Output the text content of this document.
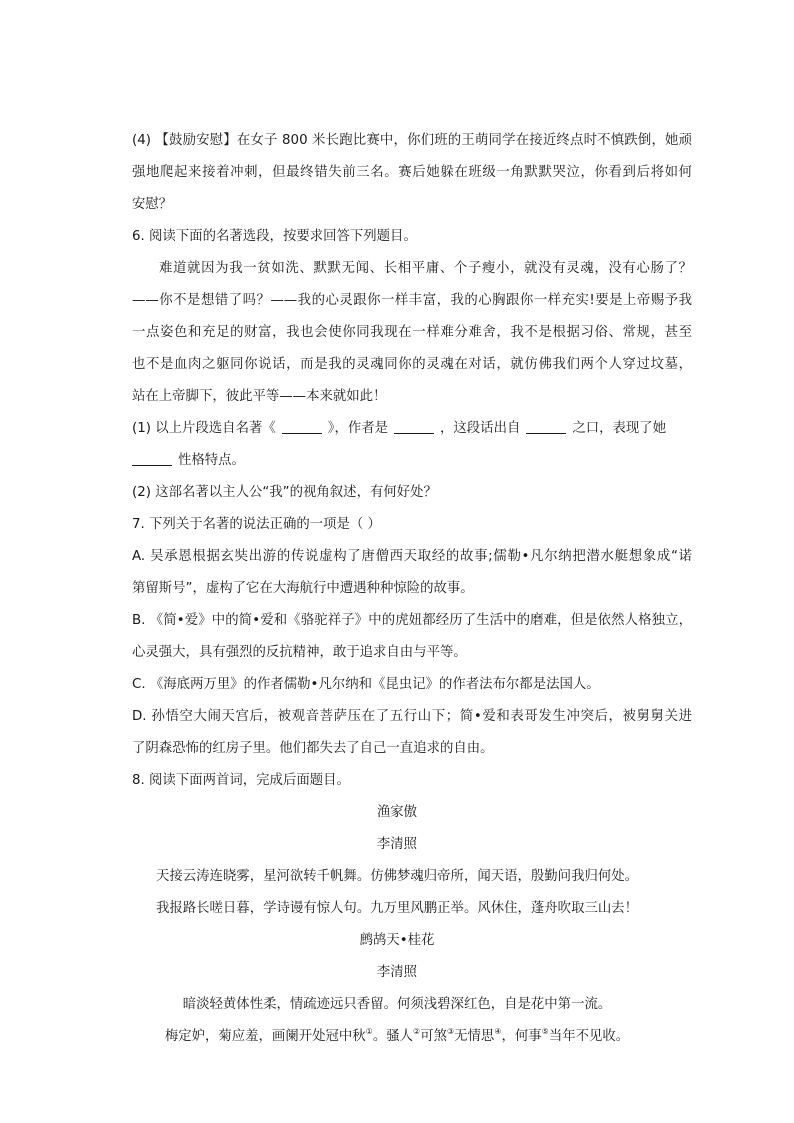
(4) 【鼓励安慰】在女子 800 米长跑比赛中，你们班的王萌同学在接近终点时不慎跌倒，她顽
强地爬起来接着冲刺，但最终错失前三名。赛后她躲在班级一角默默哭泣，你看到后将如何
安慰？
6. 阅读下面的名著选段，按要求回答下列题目。
难道就因为我一贫如洗、默默无闻、长相平庸、个子瘦小，就没有灵魂，没有心肠了？
——你不是想错了吗？——我的心灵跟你一样丰富，我的心胸跟你一样充实!要是上帝赐予我
一点姿色和充足的财富，我也会使你同我现在一样难分难舍，我不是根据习俗、常规，甚至
也不是血肉之躯同你说话，而是我的灵魂同你的灵魂在对话，就仿佛我们两个人穿过坟墓，
站在上帝脚下，彼此平等——本来就如此！
(1) 以上片段选自名著《	》，作者是	，这段话出自	之口，表现了她
性格特点。
(2) 这部名著以主人公“我”的视角叙述，有何好处？
7. 下列关于名著的说法正确的一项是（ ）
A. 吴承恩根据玄奘出游的传说虚构了唐僧西天取经的故事;儒勒•凡尔纳把潜水艇想象成“诺
第留斯号”，虚构了它在大海航行中遭遇种种惊险的故事。
B. 《简•爱》中的简•爱和《骆驼祥子》中的虎妞都经历了生活中的磨难，但是依然人格独立，
心灵强大，具有强烈的反抗精神，敢于追求自由与平等。
C. 《海底两万里》的作者儒勒•凡尔纳和《昆虫记》的作者法布尔都是法国人。
D. 孙悟空大闹天宫后，被观音菩萨压在了五行山下；简•爱和表哥发生冲突后，被舅舅关进
了阴森恐怖的红房子里。他们都失去了自己一直追求的自由。
8. 阅读下面两首词，完成后面题目。
渔家傲
李清照
天接云涛连晓雾，星河欲转千帆舞。仿佛梦魂归帝所，闻天语，殷勤问我归何处。
我报路长嗟日暮，学诗谩有惊人句。九万里风鹏正举。风休住，蓬舟吹取三山去！
鹧鸪天•桂花
李清照
暗淡轻黄体性柔，情疏迹远只香留。何须浅碧深红色，自是花中第一流。
梅定妒，菊应羞，画阑开处冠中秋①。骚人②可煞③无情思④，何事⑤当年不见收。
